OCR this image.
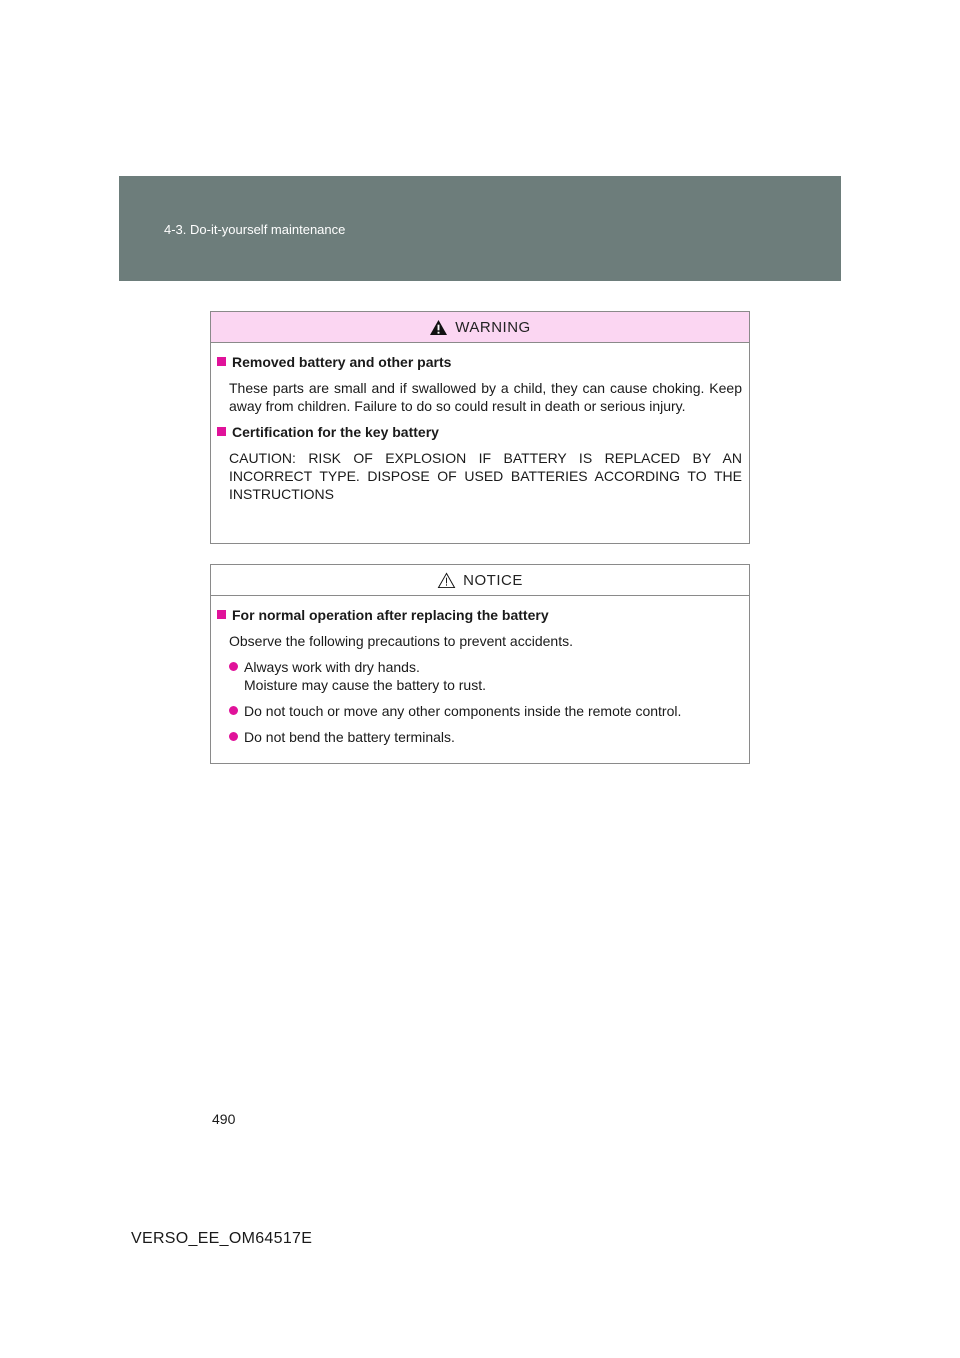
4-3. Do-it-yourself maintenance
WARNING
Removed battery and other parts
These parts are small and if swallowed by a child, they can cause choking. Keep away from children. Failure to do so could result in death or serious injury.
Certification for the key battery
CAUTION: RISK OF EXPLOSION IF BATTERY IS REPLACED BY AN INCORRECT TYPE. DISPOSE OF USED BATTERIES ACCORDING TO THE INSTRUCTIONS
NOTICE
For normal operation after replacing the battery
Observe the following precautions to prevent accidents.
Always work with dry hands.
Moisture may cause the battery to rust.
Do not touch or move any other components inside the remote control.
Do not bend the battery terminals.
490
VERSO_EE_OM64517E
